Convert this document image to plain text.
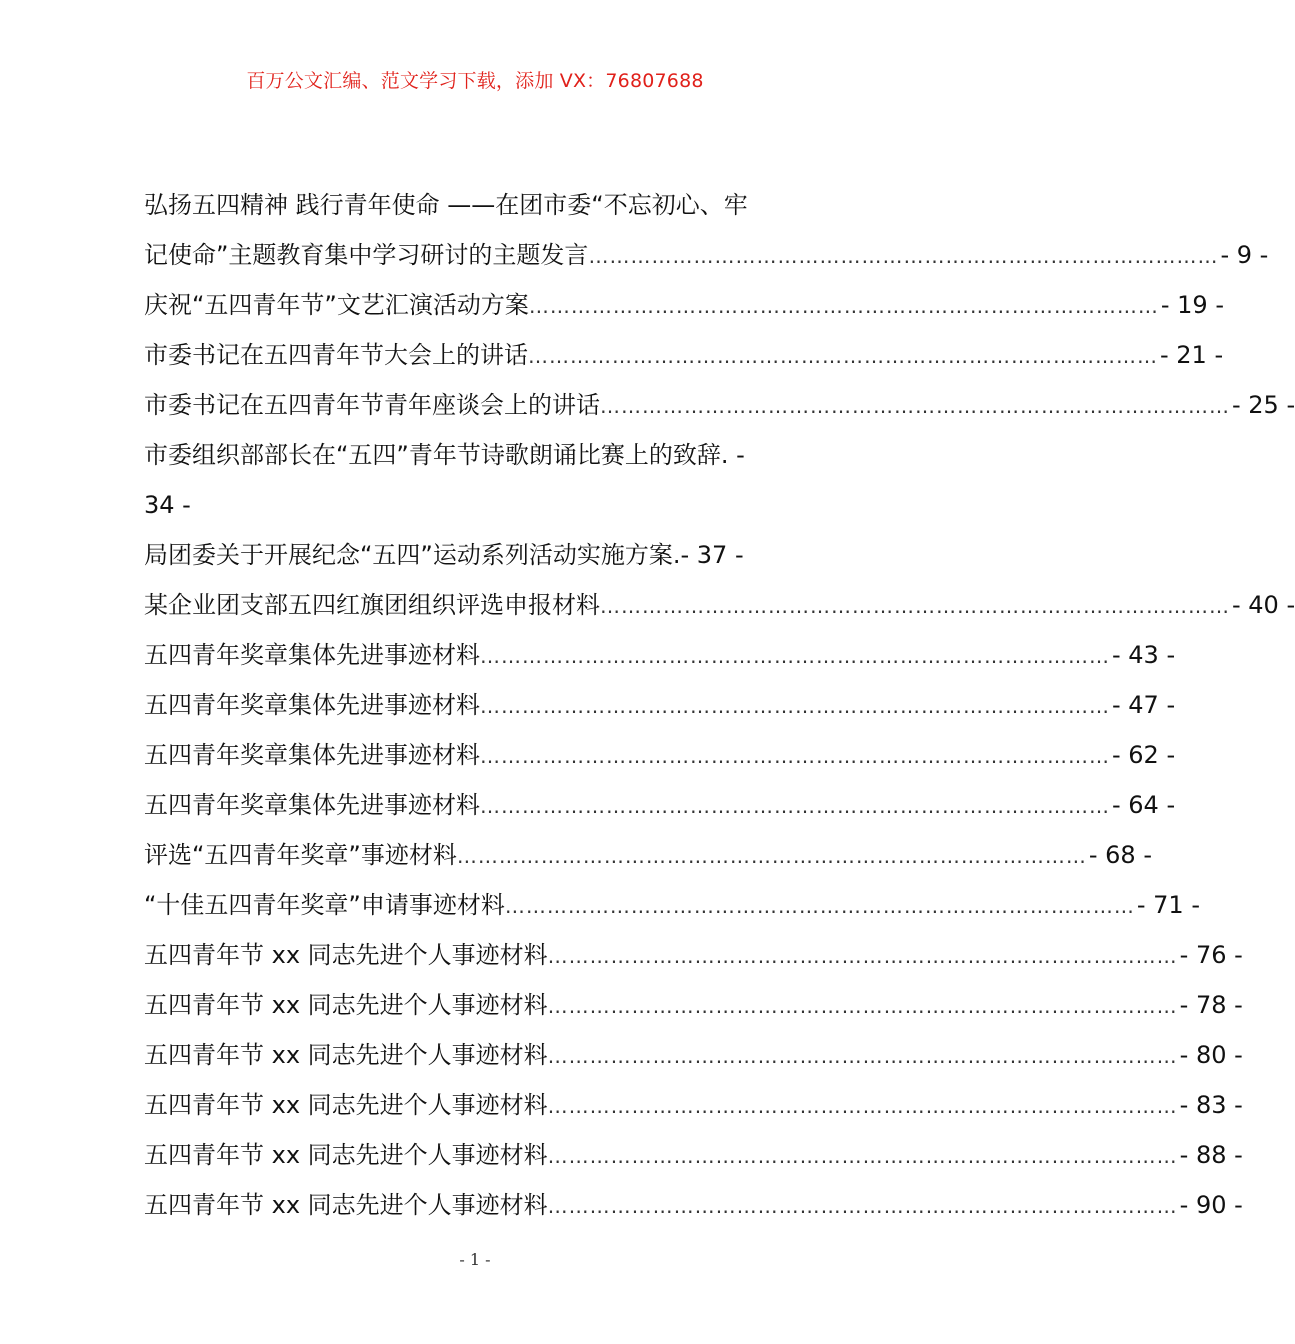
百万公文汇编、范文学习下载，添加 VX：76807688
弘扬五四精神 践行青年使命 ——在团市委“不忘初心、牢
记使命”主题教育集中学习研讨的主题发言 ……………………………………………………………………………… - 9 -
庆祝“五四青年节”文艺汇演活动方案 ……………………………………………………………………………… - 19 -
市委书记在五四青年节大会上的讲话 ……………………………………………………………………………… - 21 -
市委书记在五四青年节青年座谈会上的讲话 ……………………………………………………………………………… - 25 -
市委组织部部长在“五四”青年节诗歌朗诵比赛上的致辞. -
34 -
局团委关于开展纪念“五四”运动系列活动实施方案. - 37 -
某企业团支部五四红旗团组织评选申报材料 ……………………………………………………………………………… - 40 -
五四青年奖章集体先进事迹材料 ……………………………………………………………………………… - 43 -
五四青年奖章集体先进事迹材料 ……………………………………………………………………………… - 47 -
五四青年奖章集体先进事迹材料 ……………………………………………………………………………… - 62 -
五四青年奖章集体先进事迹材料 ……………………………………………………………………………… - 64 -
评选“五四青年奖章”事迹材料 ……………………………………………………………………………… - 68 -
“十佳五四青年奖章”申请事迹材料 ……………………………………………………………………………… - 71 -
五四青年节 xx 同志先进个人事迹材料 ……………………………………………………………………………… - 76 -
五四青年节 xx 同志先进个人事迹材料 ……………………………………………………………………………… - 78 -
五四青年节 xx 同志先进个人事迹材料 ……………………………………………………………………………… - 80 -
五四青年节 xx 同志先进个人事迹材料 ……………………………………………………………………………… - 83 -
五四青年节 xx 同志先进个人事迹材料 ……………………………………………………………………………… - 88 -
五四青年节 xx 同志先进个人事迹材料 ……………………………………………………………………………… - 90 -
- 1 -
